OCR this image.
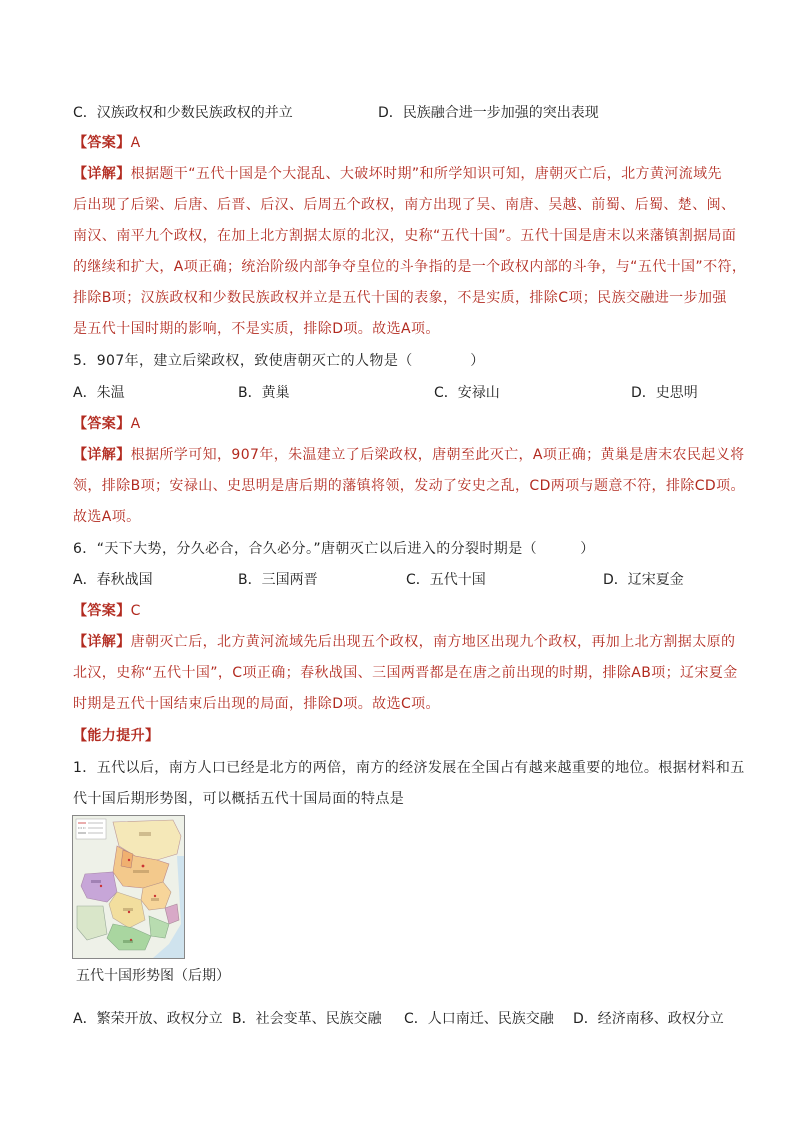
C．汉族政权和少数民族政权的并立	D．民族融合进一步加强的突出表现
【答案】A
【详解】根据题干“五代十国是个大混乱、大破坏时期”和所学知识可知，唐朝灭亡后，北方黄河流域先
后出现了后梁、后唐、后晋、后汉、后周五个政权，南方出现了吴、南唐、吴越、前蜀、后蜀、楚、闽、
南汉、南平九个政权，在加上北方割据太原的北汉，史称“五代十国”。五代十国是唐末以来藩镇割据局面
的继续和扩大，A项正确；统治阶级内部争夺皇位的斗争指的是一个政权内部的斗争，与“五代十国”不符，
排除B项；汉族政权和少数民族政权并立是五代十国的表象，不是实质，排除C项；民族交融进一步加强
是五代十国时期的影响，不是实质，排除D项。故选A项。
5．907年，建立后梁政权，致使唐朝灭亡的人物是（　　　　）
A．朱温	B．黄巢	C．安禄山	D．史思明
【答案】A
【详解】根据所学可知，907年，朱温建立了后梁政权，唐朝至此灭亡，A项正确；黄巢是唐末农民起义将
领，排除B项；安禄山、史思明是唐后期的藩镇将领，发动了安史之乱，CD两项与题意不符，排除CD项。
故选A项。
6．“天下大势，分久必合，合久必分。”唐朝灭亡以后进入的分裂时期是（　　　）
A．春秋战国	B．三国两晋	C．五代十国	D．辽宋夏金
【答案】C
【详解】唐朝灭亡后，北方黄河流域先后出现五个政权，南方地区出现九个政权，再加上北方割据太原的
北汉，史称“五代十国”，C项正确；春秋战国、三国两晋都是在唐之前出现的时期，排除AB项；辽宋夏金
时期是五代十国结束后出现的局面，排除D项。故选C项。
【能力提升】
1．五代以后，南方人口已经是北方的两倍，南方的经济发展在全国占有越来越重要的地位。根据材料和五
代十国后期形势图，可以概括五代十国局面的特点是
五代十国形势图（后期）
A．繁荣开放、政权分立 B．社会变革、民族交融 C．人口南迁、民族交融 D．经济南移、政权分立
